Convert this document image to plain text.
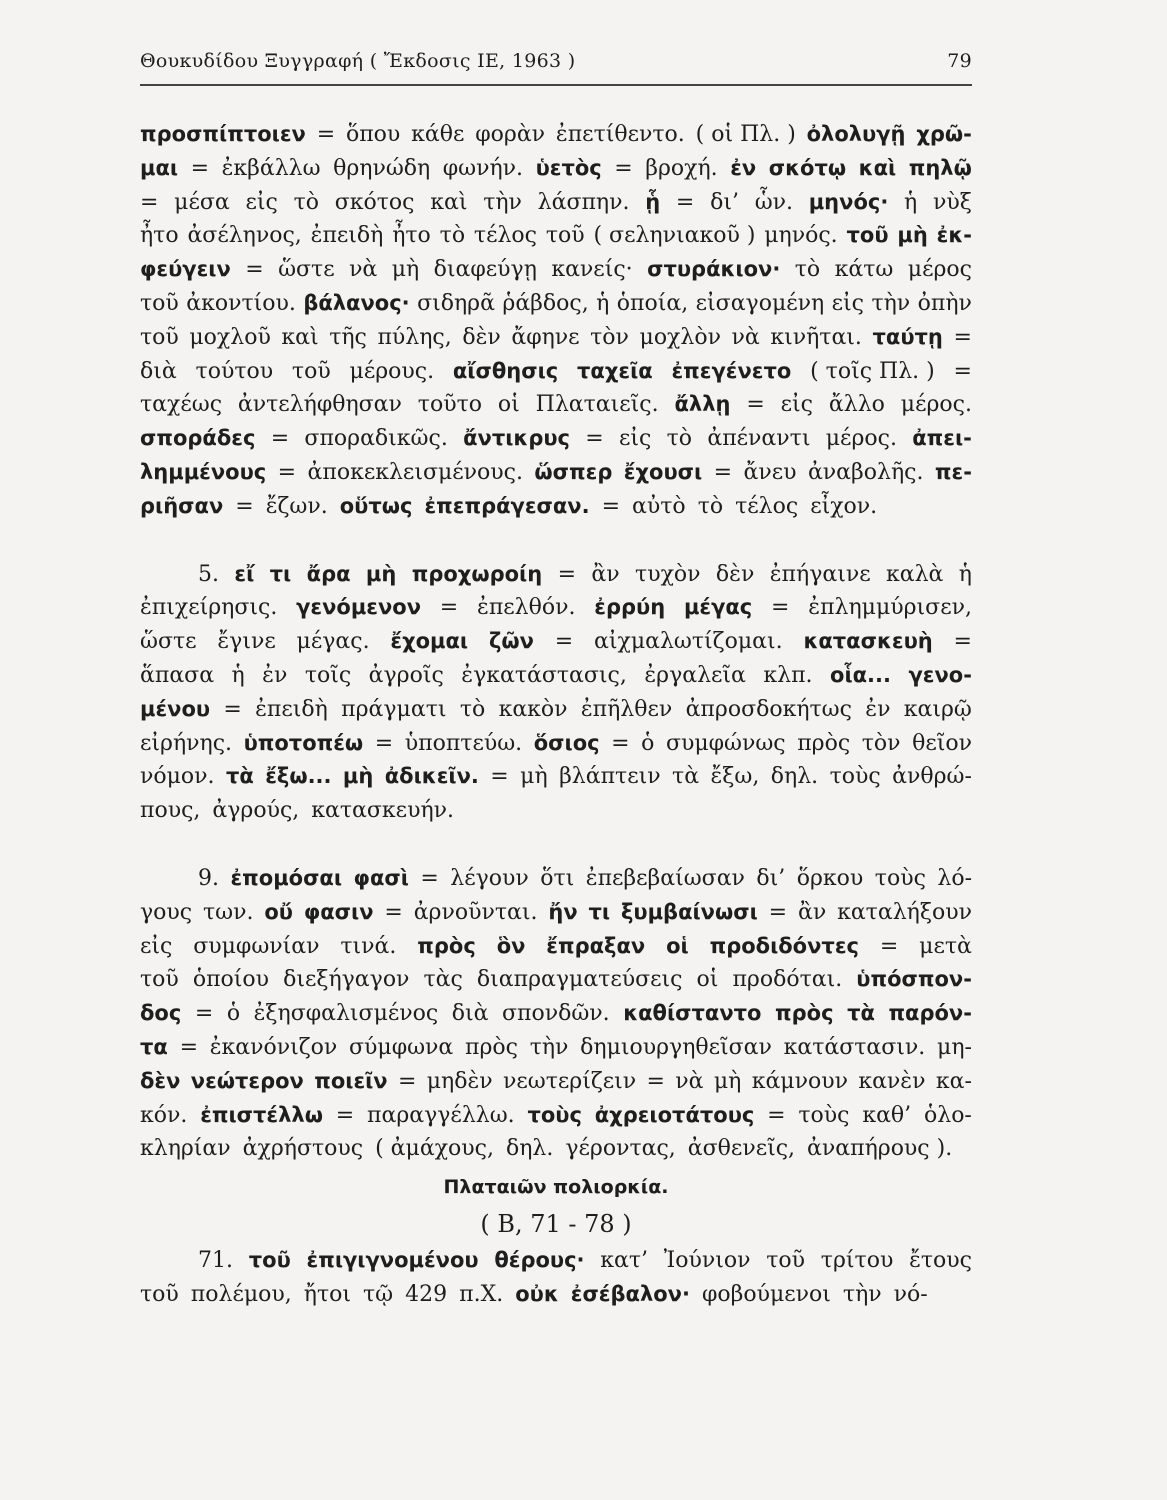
Θουκυδίδου Ξυγγραφή ( Ἔκδοσις ΙΕ, 1963 )	79
προσπίπτοιεν = ὅπου κάθε φορὰν ἐπετίθεντο. ( οἱ Πλ. ) ὀλολυγῇ χρῶ-
μαι = ἐκβάλλω θρηνώδη φωνήν. ὑετὸς = βροχή. ἐν σκότῳ καὶ πηλῷ
= μέσα εἰς τὸ σκότος καὶ τὴν λάσπην. ᾗ = δι’ ὧν. μηνός· ἡ νὺξ
ἦτο ἀσέληνος, ἐπειδὴ ἦτο τὸ τέλος τοῦ ( σεληνιακοῦ ) μηνός. τοῦ μὴ ἐκ-
φεύγειν = ὥστε νὰ μὴ διαφεύγῃ κανείς· στυράκιον· τὸ κάτω μέρος
τοῦ ἀκοντίου. βάλανος· σιδηρᾶ ῥάβδος, ἡ ὁποία, εἰσαγομένη εἰς τὴν ὀπὴν
τοῦ μοχλοῦ καὶ τῆς πύλης, δὲν ἄφηνε τὸν μοχλὸν νὰ κινῆται. ταύτῃ =
διὰ τούτου τοῦ μέρους. αἴσθησις ταχεῖα ἐπεγένετο ( τοῖς Πλ. ) =
ταχέως ἀντελήφθησαν τοῦτο οἱ Πλαταιεῖς. ἄλλῃ = εἰς ἄλλο μέρος.
σποράδες = σποραδικῶς. ἄντικρυς = εἰς τὸ ἀπέναντι μέρος. ἀπει-
λημμένους = ἀποκεκλεισμένους. ὥσπερ ἔχουσι = ἄνευ ἀναβολῆς. πε-
ριῆσαν = ἔζων. οὕτως ἐπεπράγεσαν. = αὐτὸ τὸ τέλος εἶχον.
5. εἴ τι ἄρα μὴ προχωροίη = ἂν τυχὸν δὲν ἐπήγαινε καλὰ ἡ
ἐπιχείρησις. γενόμενον = ἐπελθόν. ἐρρύη μέγας = ἐπλημμύρισεν,
ὥστε ἔγινε μέγας. ἔχομαι ζῶν = αἰχμαλωτίζομαι. κατασκευὴ =
ἅπασα ἡ ἐν τοῖς ἀγροῖς ἐγκατάστασις, ἐργαλεῖα κλπ. οἷα... γενο-
μένου = ἐπειδὴ πράγματι τὸ κακὸν ἐπῆλθεν ἀπροσδοκήτως ἐν καιρῷ
εἰρήνης. ὑποτοπέω = ὑποπτεύω. ὅσιος = ὁ συμφώνως πρὸς τὸν θεῖον
νόμον. τὰ ἔξω... μὴ ἀδικεῖν. = μὴ βλάπτειν τὰ ἔξω, δηλ. τοὺς ἀνθρώ-
πους, ἀγρούς, κατασκευήν.
9. ἐπομόσαι φασὶ = λέγουν ὅτι ἐπεβεβαίωσαν δι’ ὅρκου τοὺς λό-
γους των. οὔ φασιν = ἀρνοῦνται. ἤν τι ξυμβαίνωσι = ἂν καταλήξουν
εἰς συμφωνίαν τινά. πρὸς ὃν ἔπραξαν οἱ προδιδόντες = μετὰ
τοῦ ὁποίου διεξήγαγον τὰς διαπραγματεύσεις οἱ προδόται. ὑπόσπον-
δος = ὁ ἐξησφαλισμένος διὰ σπονδῶν. καθίσταντο πρὸς τὰ παρόν-
τα = ἐκανόνιζον σύμφωνα πρὸς τὴν δημιουργηθεῖσαν κατάστασιν. μη-
δὲν νεώτερον ποιεῖν = μηδὲν νεωτερίζειν = νὰ μὴ κάμνουν κανὲν κα-
κόν. ἐπιστέλλω = παραγγέλλω. τοὺς ἀχρειοτάτους = τοὺς καθ’ ὁλο-
κληρίαν ἀχρήστους ( ἀμάχους, δηλ. γέροντας, ἀσθενεῖς, ἀναπήρους ).
Πλαταιῶν πολιορκία.
( Β, 71 - 78 )
71. τοῦ ἐπιγιγνομένου θέρους· κατ’ Ἰούνιον τοῦ τρίτου ἔτους
τοῦ πολέμου, ἤτοι τῷ 429 π.Χ. οὐκ ἐσέβαλον· φοβούμενοι τὴν νό-
